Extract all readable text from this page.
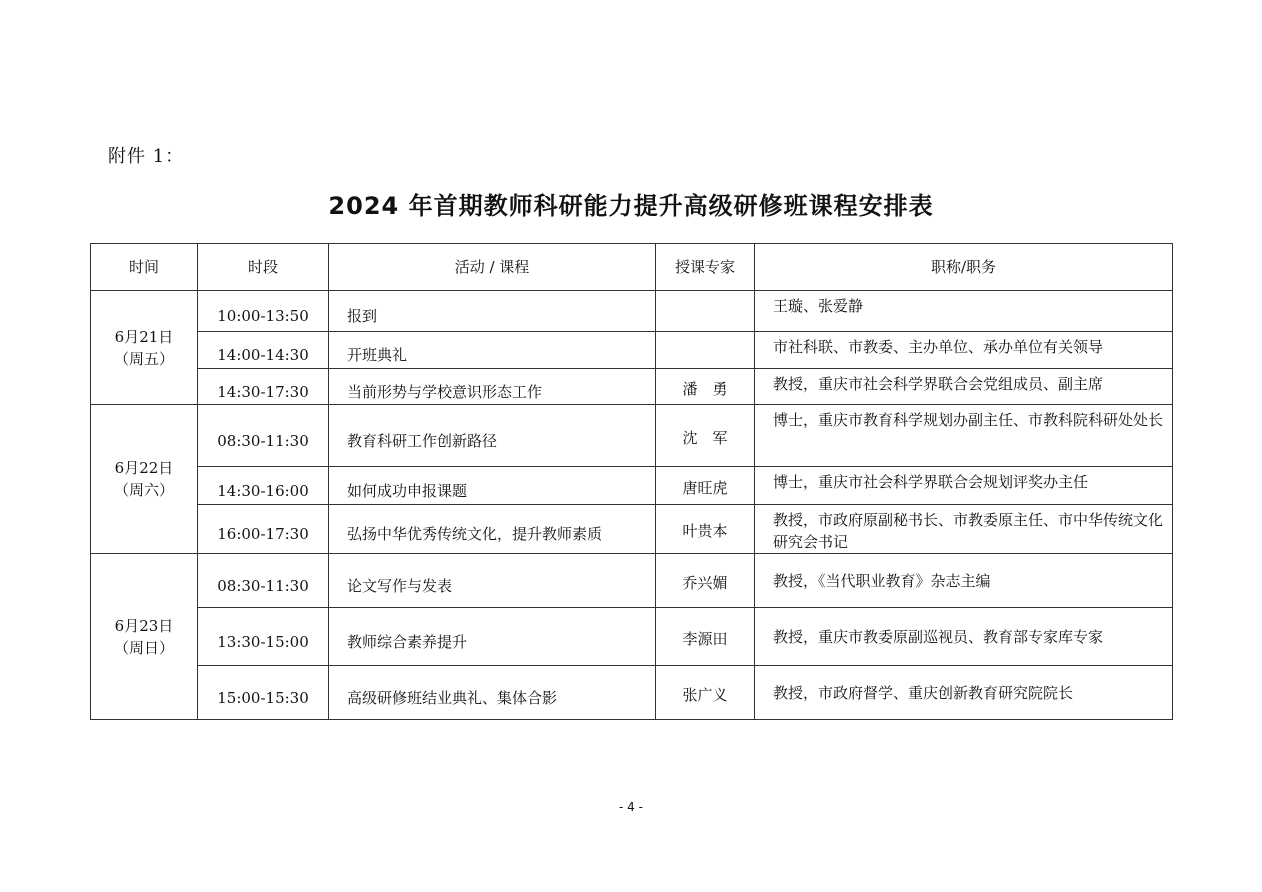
附件 1：
2024 年首期教师科研能力提升高级研修班课程安排表
时间	时段	活动 / 课程	授课专家	职称/职务

6月21日
（周五）	10:00-13:50	报到		王璇、张爱静
	14:00-14:30	开班典礼		市社科联、市教委、主办单位、承办单位有关领导
	14:30-17:30	当前形势与学校意识形态工作	潘　勇	教授，重庆市社会科学界联合会党组成员、副主席

6月22日
（周六）	08:30-11:30	教育科研工作创新路径	沈　军	博士，重庆市教育科学规划办副主任、市教科院科研处处长
	14:30-16:00	如何成功申报课题	唐旺虎	博士，重庆市社会科学界联合会规划评奖办主任
	16:00-17:30	弘扬中华优秀传统文化，提升教师素质	叶贵本	教授，市政府原副秘书长、市教委原主任、市中华传统文化研究会书记

6月23日
（周日）	08:30-11:30	论文写作与发表	乔兴媚	教授，《当代职业教育》杂志主编
	13:30-15:00	教师综合素养提升	李源田	教授，重庆市教委原副巡视员、教育部专家库专家
	15:00-15:30	高级研修班结业典礼、集体合影	张广义	教授，市政府督学、重庆创新教育研究院院长
- 4 -
